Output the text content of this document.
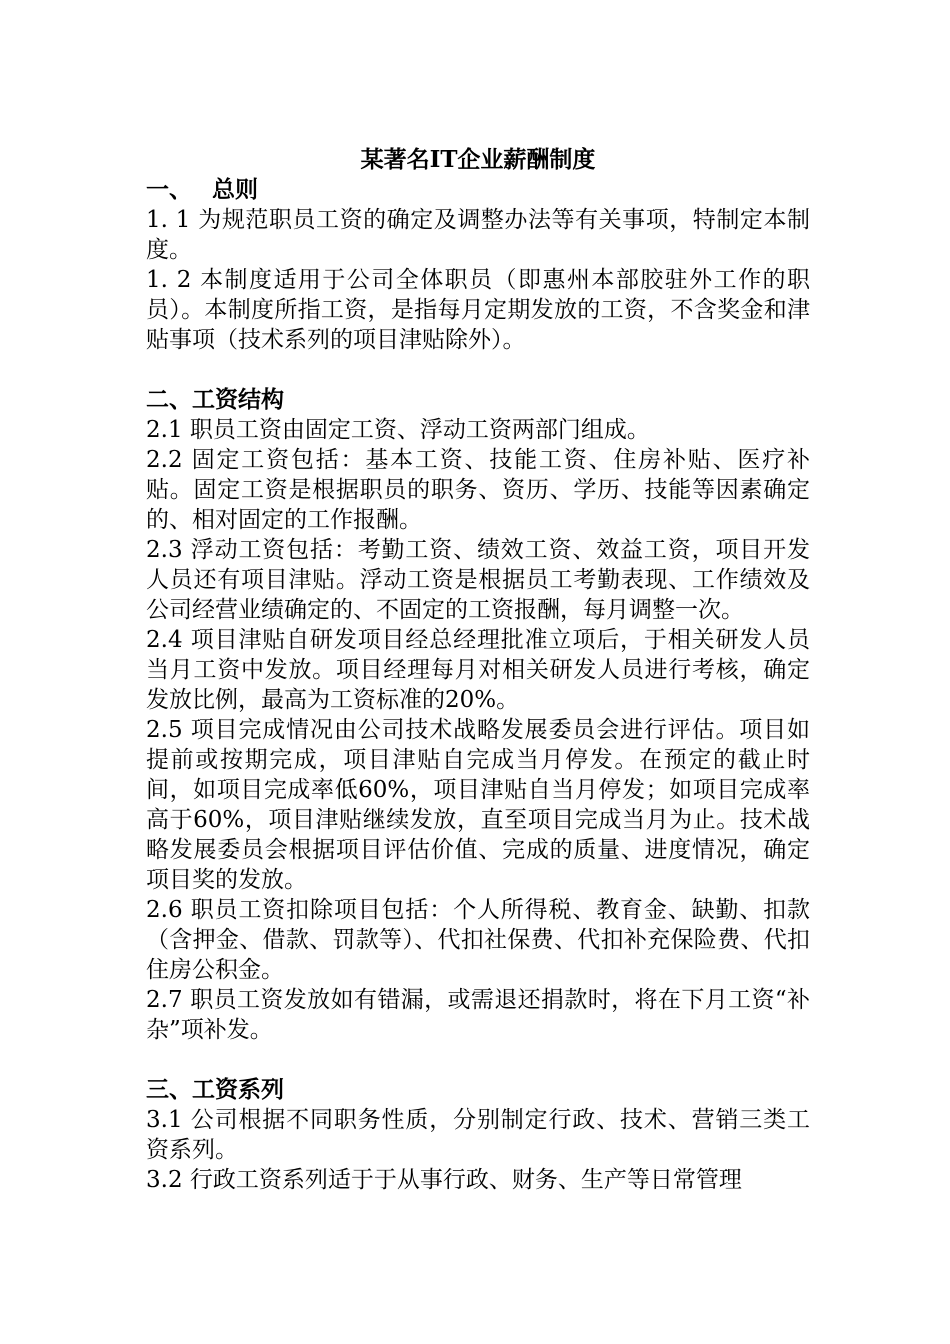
某著名IT企业薪酬制度

一、 总则

1. 1 为规范职员工资的确定及调整办法等有关事项，特制定本制度。

1. 2 本制度适用于公司全体职员（即惠州本部胶驻外工作的职员）。本制度所指工资，是指每月定期发放的工资，不含奖金和津贴事项（技术系列的项目津贴除外）。

二、工资结构

2.1 职员工资由固定工资、浮动工资两部门组成。

2.2 固定工资包括：基本工资、技能工资、住房补贴、医疗补贴。固定工资是根据职员的职务、资历、学历、技能等因素确定的、相对固定的工作报酬。

2.3 浮动工资包括：考勤工资、绩效工资、效益工资，项目开发人员还有项目津贴。浮动工资是根据员工考勤表现、工作绩效及公司经营业绩确定的、不固定的工资报酬，每月调整一次。

2.4 项目津贴自研发项目经总经理批准立项后，于相关研发人员当月工资中发放。项目经理每月对相关研发人员进行考核，确定发放比例，最高为工资标准的20%。

2.5 项目完成情况由公司技术战略发展委员会进行评估。项目如提前或按期完成，项目津贴自完成当月停发。在预定的截止时间，如项目完成率低60%，项目津贴自当月停发；如项目完成率高于60%，项目津贴继续发放，直至项目完成当月为止。技术战略发展委员会根据项目评估价值、完成的质量、进度情况，确定项目奖的发放。

2.6 职员工资扣除项目包括：个人所得税、教育金、缺勤、扣款（含押金、借款、罚款等）、代扣社保费、代扣补充保险费、代扣住房公积金。

2.7 职员工资发放如有错漏，或需退还捐款时，将在下月工资“补杂”项补发。

三、工资系列

3.1 公司根据不同职务性质，分别制定行政、技术、营销三类工资系列。

3.2 行政工资系列适于于从事行政、财务、生产等日常管理
